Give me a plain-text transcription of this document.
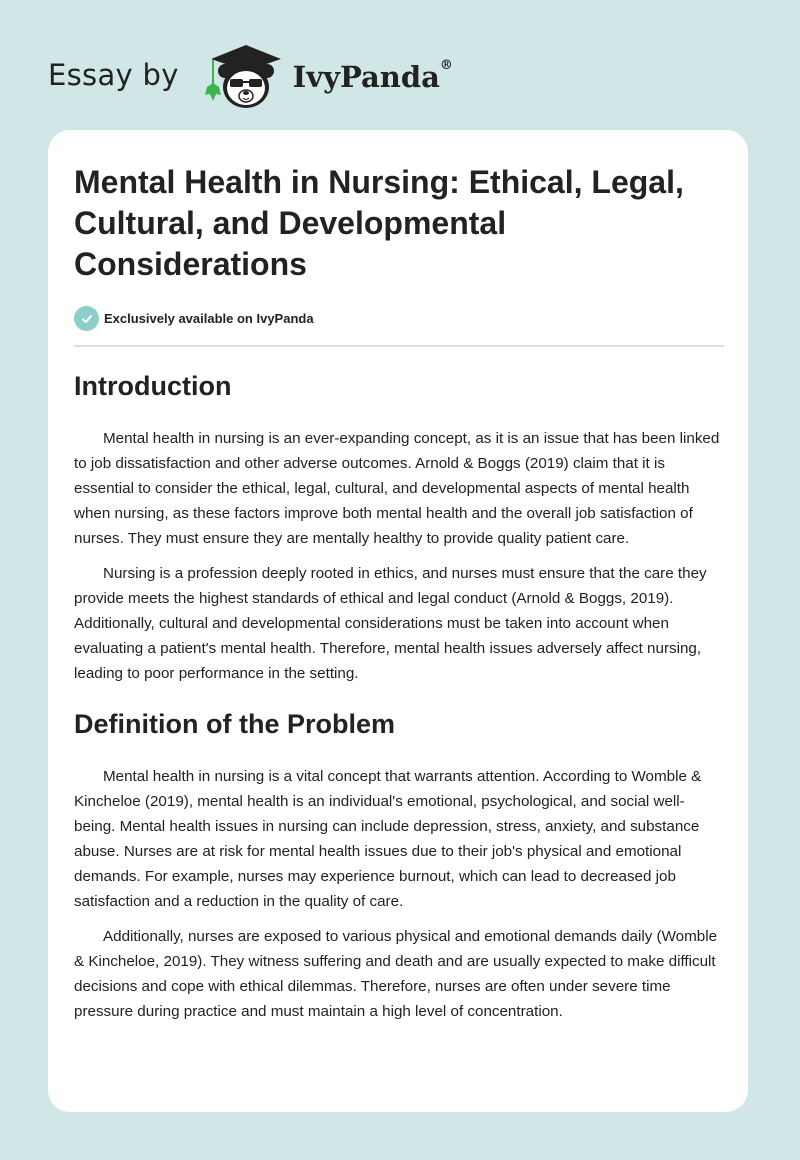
Essay by	IvyPanda®
Mental Health in Nursing: Ethical, Legal, Cultural, and Developmental Considerations
Exclusively available on IvyPanda
Introduction

Mental health in nursing is an ever-expanding concept, as it is an issue that has been linked to job dissatisfaction and other adverse outcomes. Arnold & Boggs (2019) claim that it is essential to consider the ethical, legal, cultural, and developmental aspects of mental health when nursing, as these factors improve both mental health and the overall job satisfaction of nurses. They must ensure they are mentally healthy to provide quality patient care.

Nursing is a profession deeply rooted in ethics, and nurses must ensure that the care they provide meets the highest standards of ethical and legal conduct (Arnold & Boggs, 2019). Additionally, cultural and developmental considerations must be taken into account when evaluating a patient's mental health. Therefore, mental health issues adversely affect nursing, leading to poor performance in the setting.

Definition of the Problem

Mental health in nursing is a vital concept that warrants attention. According to Womble & Kincheloe (2019), mental health is an individual's emotional, psychological, and social well-being. Mental health issues in nursing can include depression, stress, anxiety, and substance abuse. Nurses are at risk for mental health issues due to their job's physical and emotional demands. For example, nurses may experience burnout, which can lead to decreased job satisfaction and a reduction in the quality of care.

Additionally, nurses are exposed to various physical and emotional demands daily (Womble & Kincheloe, 2019). They witness suffering and death and are usually expected to make difficult decisions and cope with ethical dilemmas. Therefore, nurses are often under severe time pressure during practice and must maintain a high level of concentration.
